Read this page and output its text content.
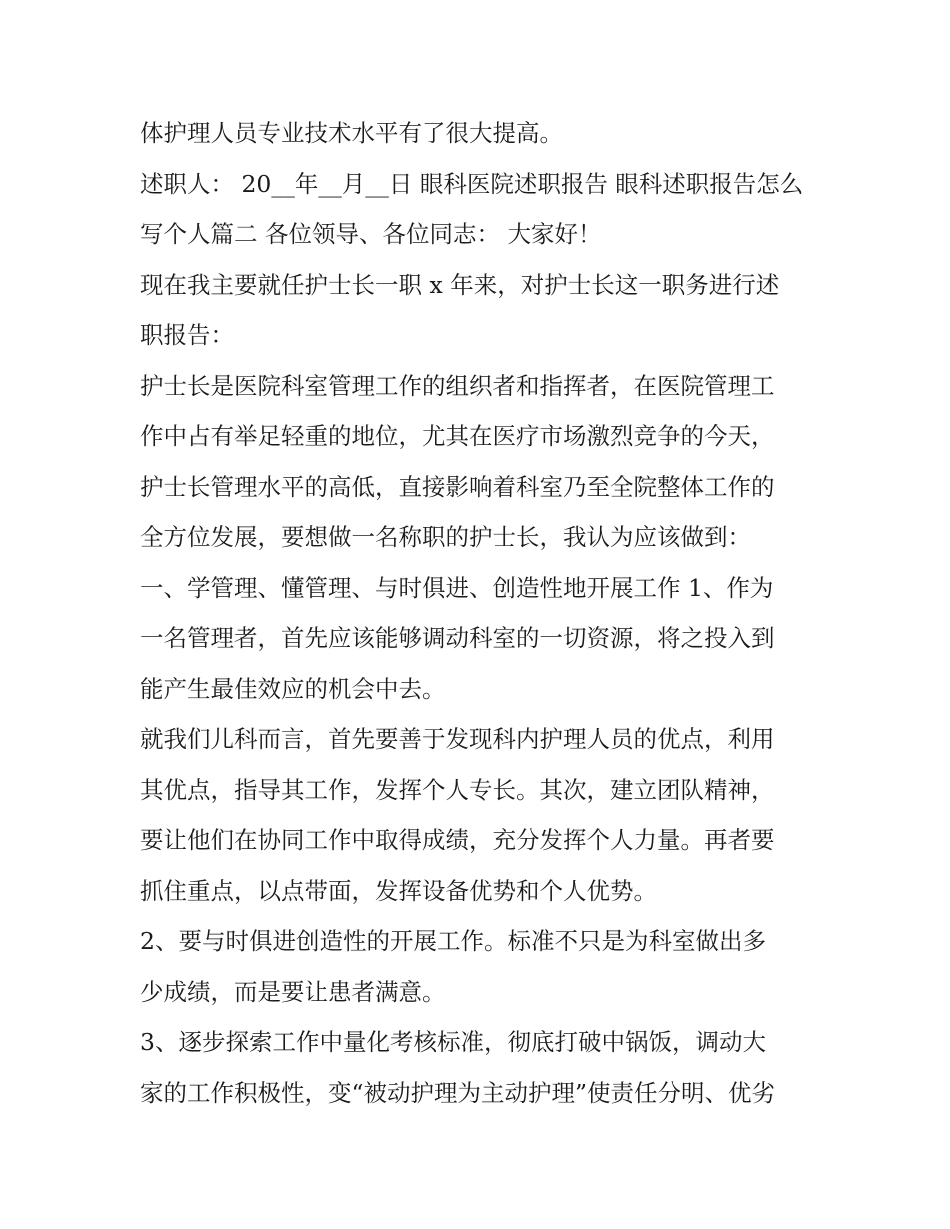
体护理人员专业技术水平有了很大提高。
述职人： 20__年__月__日 眼科医院述职报告 眼科述职报告怎么
写个人篇二 各位领导、各位同志： 大家好！
现在我主要就任护士长一职 x 年来，对护士长这一职务进行述
职报告：
护士长是医院科室管理工作的组织者和指挥者，在医院管理工
作中占有举足轻重的地位，尤其在医疗市场激烈竞争的今天，
护士长管理水平的高低，直接影响着科室乃至全院整体工作的
全方位发展，要想做一名称职的护士长，我认为应该做到：
一、学管理、懂管理、与时俱进、创造性地开展工作 1、作为
一名管理者，首先应该能够调动科室的一切资源，将之投入到
能产生最佳效应的机会中去。
就我们儿科而言，首先要善于发现科内护理人员的优点，利用
其优点，指导其工作，发挥个人专长。其次，建立团队精神，
要让他们在协同工作中取得成绩，充分发挥个人力量。再者要
抓住重点，以点带面，发挥设备优势和个人优势。
2、要与时俱进创造性的开展工作。标准不只是为科室做出多
少成绩，而是要让患者满意。
3、逐步探索工作中量化考核标准，彻底打破中锅饭，调动大
家的工作积极性，变“被动护理为主动护理”使责任分明、优劣
